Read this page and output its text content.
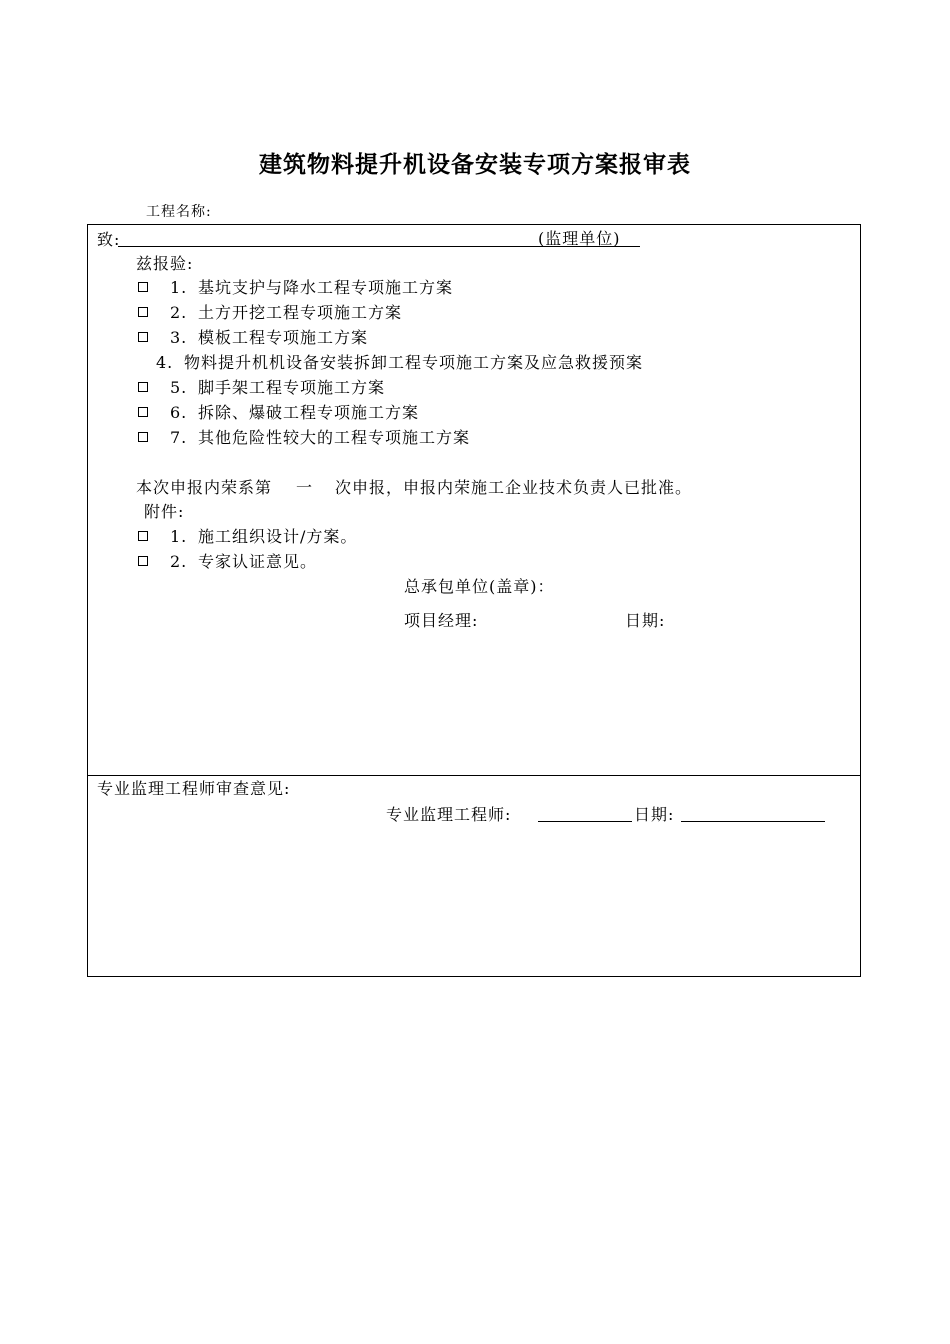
建筑物料提升机设备安装专项方案报审表
工程名称:
致:	(监理单位)
兹报验:
1. 基坑支护与降水工程专项施工方案
2. 土方开挖工程专项施工方案
3. 模板工程专项施工方案
4. 物料提升机机设备安装拆卸工程专项施工方案及应急救援预案
5. 脚手架工程专项施工方案
6. 拆除、爆破工程专项施工方案
7. 其他危险性较大的工程专项施工方案
本次申报内荣系第 一 次申报，申报内荣施工企业技术负责人已批准。
附件:
1. 施工组织设计/方案。
2. 专家认证意见。
总承包单位(盖章)：
项目经理:	日期:
专业监理工程师审查意见:
专业监理工程师:	日期:
